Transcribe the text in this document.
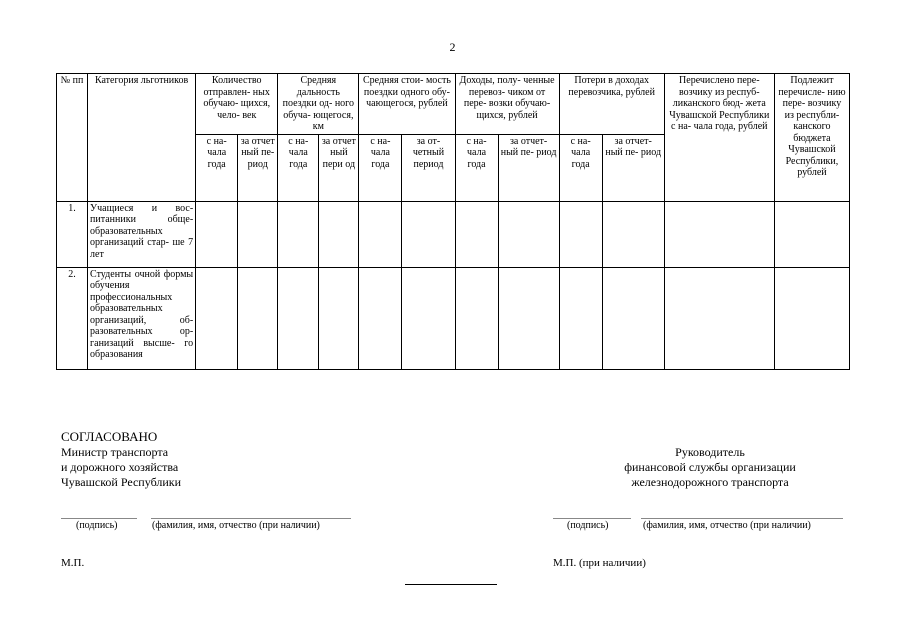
2
№ пп	Категория льготников	Количество отправлен- ных обучаю- щихся, чело- век		Средняя дальность поездки од- ного обуча- ющегося, км		Средняя стои- мость поездки одного обу- чающегося, рублей		Доходы, полу- ченные перевоз- чиком от пере- возки обучаю- щихся, рублей		Потери в доходах перевозчика, рублей		Перечислено пере- возчику из респуб- ликанского бюд- жета Чувашской Республики с на- чала года, рублей	Подлежит перечисле- нию пере- возчику из республи- канского бюджета Чувашской Республики, рублей
		с на- чала года	за отчет ный пе- риод	с на- чала года	за отчет ный пери од	с на- чала года	за от- четный период	с на- чала года	за отчет- ный пе- риод	с на- чала года	за отчет- ный пе- риод		
1.	Учащиеся и вос- питанники обще- образовательных организаций стар- ше 7 лет												
2.	Студенты очной формы обучения профессиональных образовательных организаций, об- разовательных ор- ганизаций высше- го образования												
СОГЛАСОВАНО
Министр транспорта
и дорожного хозяйства
Чувашской Республики
Руководитель
финансовой службы организации
железнодорожного транспорта
(подпись)	(фамилия, имя, отчество (при наличии)	(подпись)	(фамилия, имя, отчество (при наличии)
М.П.	М.П. (при наличии)
